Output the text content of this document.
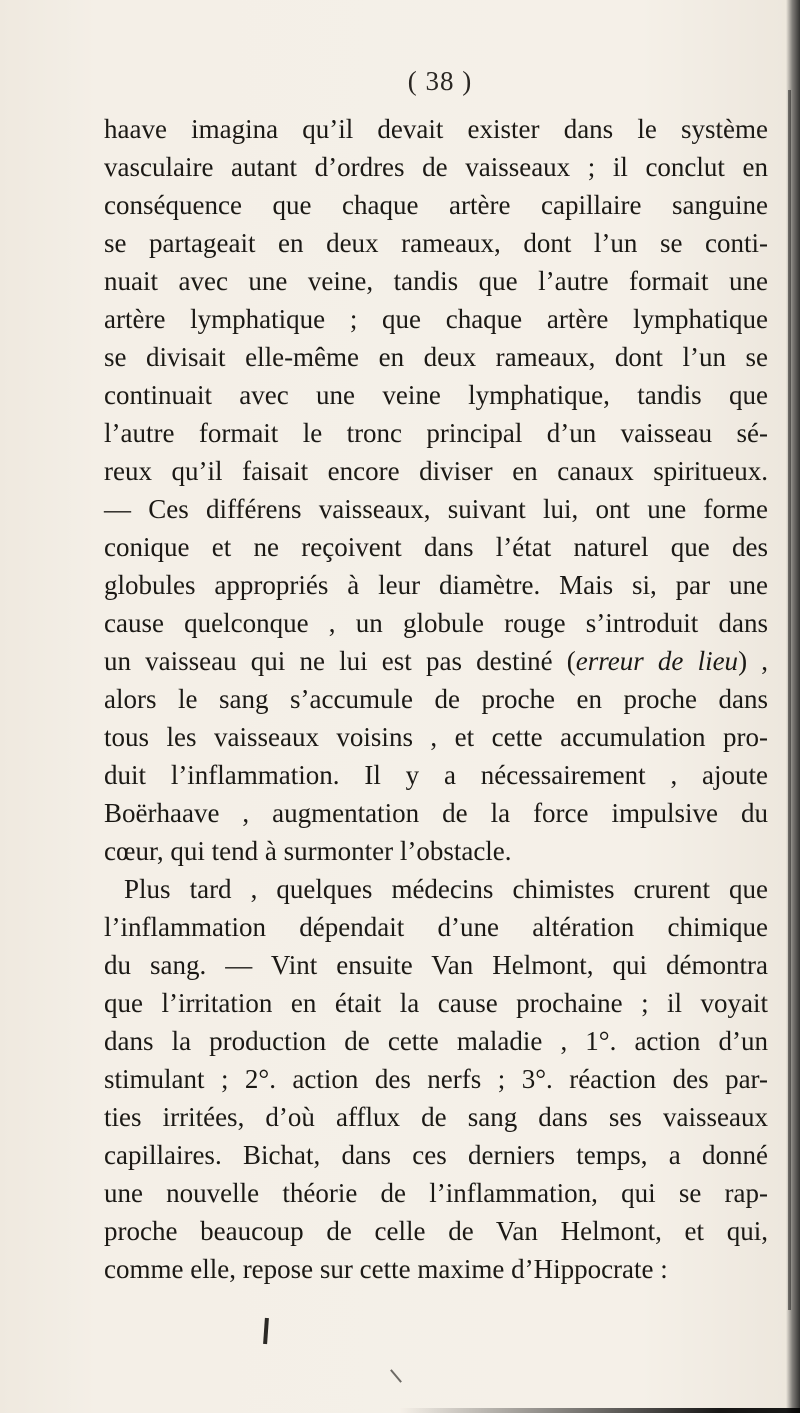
( 38 )
haave imagina qu’il devait exister dans le système
vasculaire autant d’ordres de vaisseaux ; il conclut en
conséquence que chaque artère capillaire sanguine
se partageait en deux rameaux, dont l’un se conti-
nuait avec une veine, tandis que l’autre formait une
artère lymphatique ; que chaque artère lymphatique
se divisait elle-même en deux rameaux, dont l’un se
continuait avec une veine lymphatique, tandis que
l’autre formait le tronc principal d’un vaisseau sé-
reux qu’il faisait encore diviser en canaux spiritueux.
— Ces différens vaisseaux, suivant lui, ont une forme
conique et ne reçoivent dans l’état naturel que des
globules appropriés à leur diamètre. Mais si, par une
cause quelconque , un globule rouge s’introduit dans
un vaisseau qui ne lui est pas destiné (erreur de lieu) ,
alors le sang s’accumule de proche en proche dans
tous les vaisseaux voisins , et cette accumulation pro-
duit l’inflammation. Il y a nécessairement , ajoute
Boërhaave , augmentation de la force impulsive du
cœur, qui tend à surmonter l’obstacle.
Plus tard , quelques médecins chimistes crurent que
l’inflammation dépendait d’une altération chimique
du sang. — Vint ensuite Van Helmont, qui démontra
que l’irritation en était la cause prochaine ; il voyait
dans la production de cette maladie , 1°. action d’un
stimulant ; 2°. action des nerfs ; 3°. réaction des par-
ties irritées, d’où afflux de sang dans ses vaisseaux
capillaires. Bichat, dans ces derniers temps, a donné
une nouvelle théorie de l’inflammation, qui se rap-
proche beaucoup de celle de Van Helmont, et qui,
comme elle, repose sur cette maxime d’Hippocrate :
